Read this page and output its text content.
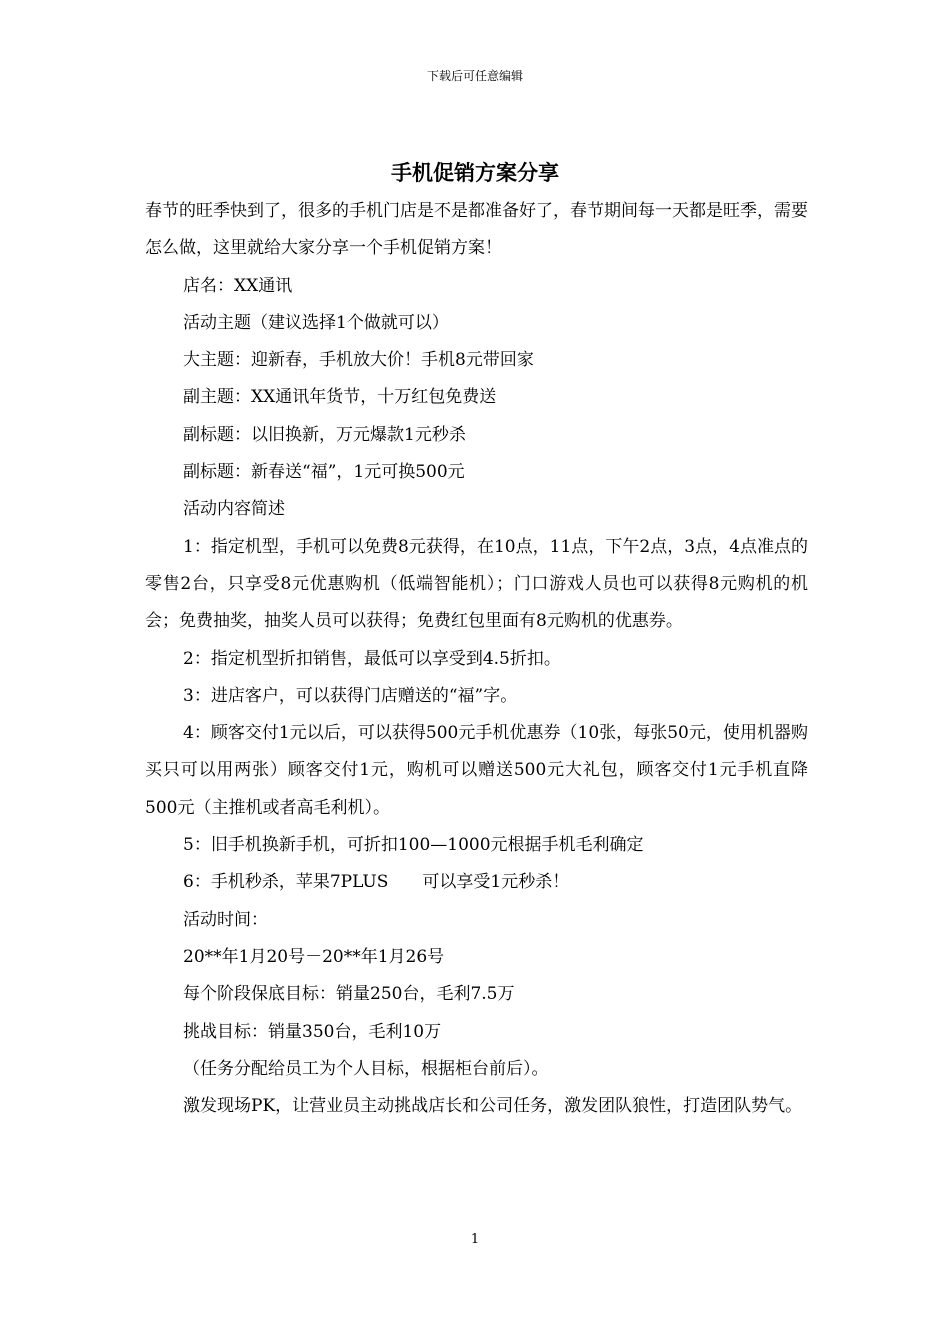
下载后可任意编辑
手机促销方案分享

春节的旺季快到了，很多的手机门店是不是都准备好了，春节期间每一天都是旺季，需要怎么做，这里就给大家分享一个手机促销方案！

店名：XX通讯

活动主题（建议选择1个做就可以）

大主题：迎新春，手机放大价！手机8元带回家

副主题：XX通讯年货节，十万红包免费送

副标题：以旧换新，万元爆款1元秒杀

副标题：新春送“福”，1元可换500元

活动内容简述

1：指定机型，手机可以免费8元获得，在10点，11点，下午2点，3点，4点准点的零售2台，只享受8元优惠购机（低端智能机）；门口游戏人员也可以获得8元购机的机会；免费抽奖，抽奖人员可以获得；免费红包里面有8元购机的优惠券。

2：指定机型折扣销售，最低可以享受到4.5折扣。

3：进店客户，可以获得门店赠送的“福”字。

4：顾客交付1元以后，可以获得500元手机优惠券（10张，每张50元，使用机器购买只可以用两张）顾客交付1元，购机可以赠送500元大礼包，顾客交付1元手机直降500元（主推机或者高毛利机）。

5：旧手机换新手机，可折扣100—1000元根据手机毛利确定

6：手机秒杀，苹果7PLUS　　可以享受1元秒杀！

活动时间：

20**年1月20号－20**年1月26号

每个阶段保底目标：销量250台，毛利7.5万

挑战目标：销量350台，毛利10万

（任务分配给员工为个人目标，根据柜台前后）。

激发现场PK，让营业员主动挑战店长和公司任务，激发团队狼性，打造团队势气。

1
